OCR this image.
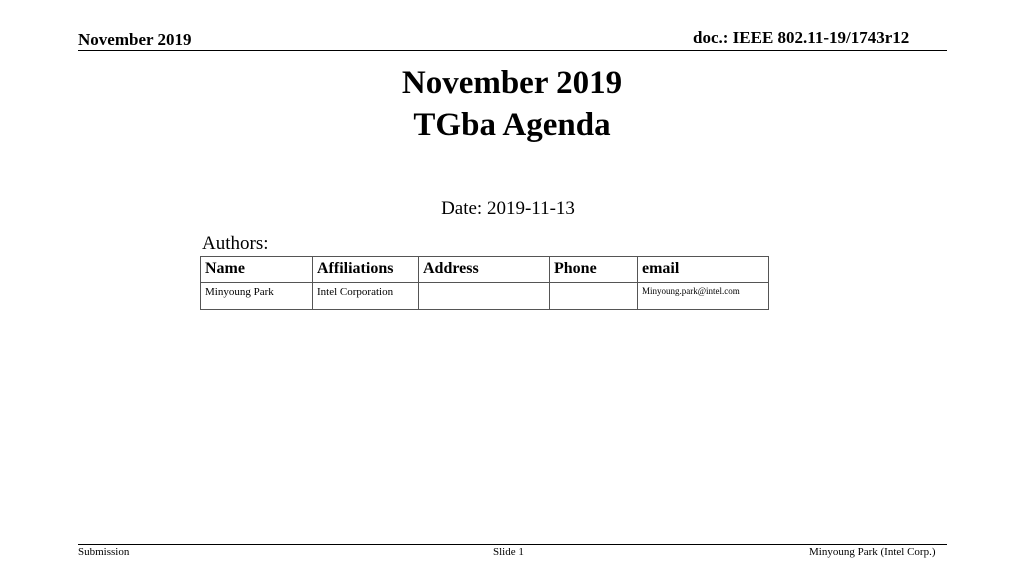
November 2019	doc.: IEEE 802.11-19/1743r12
November 2019
TGba Agenda
Date: 2019-11-13
Authors:
Name	Affiliations	Address	Phone	email
Minyoung Park	Intel Corporation			Minyoung.park@intel.com
Submission	Slide 1	Minyoung Park (Intel Corp.)
